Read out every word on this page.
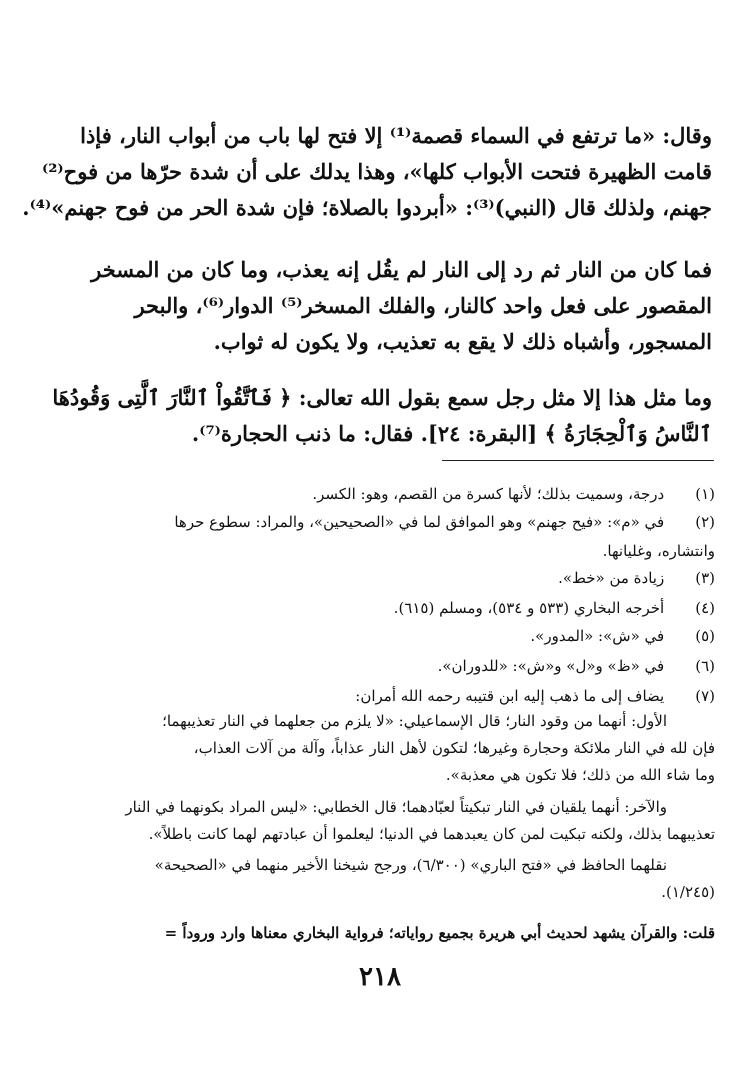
وقال: «ما ترتفع في السماء قصمة⁽¹⁾ إلا فتح لها باب من أبواب النار، فإذا
قامت الظهيرة فتحت الأبواب كلها»، وهذا يدلك على أن شدة حرّها من فوح⁽²⁾
جهنم، ولذلك قال (النبي)⁽³⁾: «أبردوا بالصلاة؛ فإن شدة الحر من فوح جهنم»⁽⁴⁾.
فما كان من النار ثم رد إلى النار لم يقُل إنه يعذب، وما كان من المسخر
المقصور على فعل واحد كالنار، والفلك المسخر⁽⁵⁾ الدوار⁽⁶⁾، والبحر
المسجور، وأشباه ذلك لا يقع به تعذيب، ولا يكون له ثواب.
وما مثل هذا إلا مثل رجل سمع بقول الله تعالى: ﴿ فَٱتَّقُواْ ٱلنَّارَ ٱلَّتِى وَقُودُهَا
ٱلنَّاسُ وَٱلْحِجَارَةُ ﴾ [البقرة: ٢٤]. فقال: ما ذنب الحجارة⁽⁷⁾.
(١) درجة، وسميت بذلك؛ لأنها كسرة من القصم، وهو: الكسر.
(٢) في «م»: «فيح جهنم» وهو الموافق لما في «الصحيحين»، والمراد: سطوع حرها
وانتشاره، وغليانها.
(٣) زيادة من «خط».
(٤) أخرجه البخاري (٥٣٣ و ٥٣٤)، ومسلم (٦١٥).
(٥) في «ش»: «المدور».
(٦) في «ظ» و«ل» و«ش»: «للدوران».
(٧) يضاف إلى ما ذهب إليه ابن قتيبه رحمه الله أمران:
الأول: أنهما من وقود النار؛ قال الإسماعيلي: «لا يلزم من جعلهما في النار تعذيبهما؛
فإن لله في النار ملائكة وحجارة وغيرها؛ لتكون لأهل النار عذاباً، وآلة من آلات العذاب،
وما شاء الله من ذلك؛ فلا تكون هي معذبة».
والآخر: أنهما يلقيان في النار تبكيتاً لعبّادهما؛ قال الخطابي: «ليس المراد بكونهما في النار
تعذيبهما بذلك، ولكنه تبكيت لمن كان يعبدهما في الدنيا؛ ليعلموا أن عبادتهم لهما كانت باطلاً».
نقلهما الحافظ في «فتح الباري» (٦/٣٠٠)، ورجح شيخنا الأخير منهما في «الصحيحة»
(١/٢٤٥).
قلت: والقرآن يشهد لحديث أبي هريرة بجميع رواياته؛ فرواية البخاري معناها وارد وروداً =
٢١٨
